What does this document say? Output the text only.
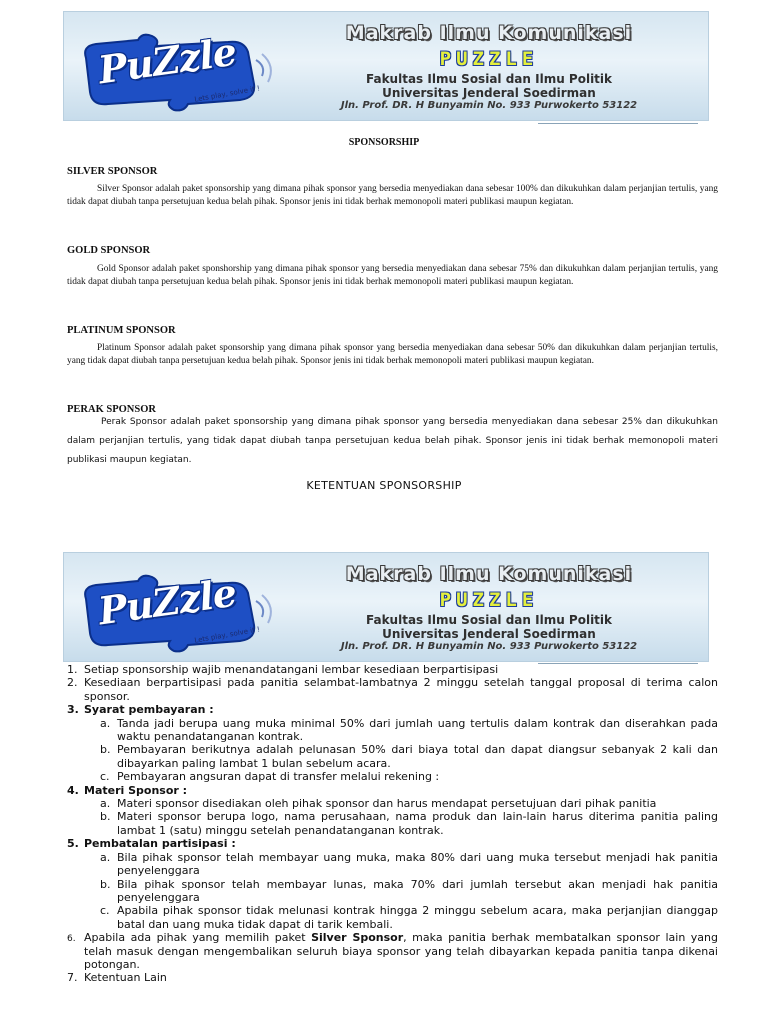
PuZzle
Lets play, solve it !
Makrab Ilmu Komunikasi
PUZZLE
Fakultas Ilmu Sosial dan Ilmu Politik
Universitas Jenderal Soedirman
Jln. Prof. DR. H Bunyamin No. 933 Purwokerto 53122
SPONSORSHIP
SILVER SPONSOR
Silver Sponsor adalah paket sponsorship yang dimana pihak sponsor yang bersedia menyediakan dana sebesar 100% dan dikukuhkan dalam perjanjian tertulis, yang tidak dapat diubah tanpa persetujuan kedua belah pihak. Sponsor jenis ini tidak berhak memonopoli materi publikasi maupun kegiatan.
GOLD SPONSOR
Gold Sponsor adalah paket sponshorship yang dimana pihak sponsor yang bersedia menyediakan dana sebesar 75% dan dikukuhkan dalam perjanjian tertulis, yang tidak dapat diubah tanpa persetujuan kedua belah pihak. Sponsor jenis ini tidak berhak memonopoli materi publikasi maupun kegiatan.
PLATINUM SPONSOR
Platinum Sponsor adalah paket sponsorship yang dimana pihak sponsor yang bersedia menyediakan dana sebesar 50% dan dikukuhkan dalam perjanjian tertulis, yang tidak dapat diubah tanpa persetujuan kedua belah pihak. Sponsor jenis ini tidak berhak memonopoli materi publikasi maupun kegiatan.
PERAK SPONSOR
Perak Sponsor adalah paket sponsorship yang dimana pihak sponsor yang bersedia menyediakan dana sebesar 25% dan dikukuhkan dalam perjanjian tertulis, yang tidak dapat diubah tanpa persetujuan kedua belah pihak. Sponsor jenis ini tidak berhak memonopoli materi publikasi maupun kegiatan.
KETENTUAN SPONSORSHIP
PuZzle
Lets play, solve it !
Makrab Ilmu Komunikasi
PUZZLE
Fakultas Ilmu Sosial dan Ilmu Politik
Universitas Jenderal Soedirman
Jln. Prof. DR. H Bunyamin No. 933 Purwokerto 53122
1. Setiap sponsorship wajib menandatangani lembar kesediaan berpartisipasi
2. Kesediaan berpartisipasi pada panitia selambat-lambatnya 2 minggu setelah tanggal proposal di terima calon sponsor.
3. Syarat pembayaran :
a. Tanda jadi berupa uang muka minimal 50% dari jumlah uang tertulis dalam kontrak dan diserahkan pada waktu penandatanganan kontrak.
b. Pembayaran berikutnya adalah pelunasan 50% dari biaya total dan dapat diangsur sebanyak 2 kali dan dibayarkan paling lambat 1 bulan sebelum acara.
c. Pembayaran angsuran dapat di transfer melalui rekening :
4. Materi Sponsor :
a. Materi sponsor disediakan oleh pihak sponsor dan harus mendapat persetujuan dari pihak panitia
b. Materi sponsor berupa logo, nama perusahaan, nama produk dan lain-lain harus diterima panitia paling lambat 1 (satu) minggu setelah penandatanganan kontrak.
5. Pembatalan partisipasi :
a. Bila pihak sponsor telah membayar uang muka, maka 80% dari uang muka tersebut menjadi hak panitia penyelenggara
b. Bila pihak sponsor telah membayar lunas, maka 70% dari jumlah tersebut akan menjadi hak panitia penyelenggara
c. Apabila pihak sponsor tidak melunasi kontrak hingga 2 minggu sebelum acara, maka perjanjian dianggap batal dan uang muka tidak dapat di tarik kembali.
6. Apabila ada pihak yang memilih paket Silver Sponsor, maka panitia berhak membatalkan sponsor lain yang telah masuk dengan mengembalikan seluruh biaya sponsor yang telah dibayarkan kepada panitia tanpa dikenai potongan.
7. Ketentuan Lain
